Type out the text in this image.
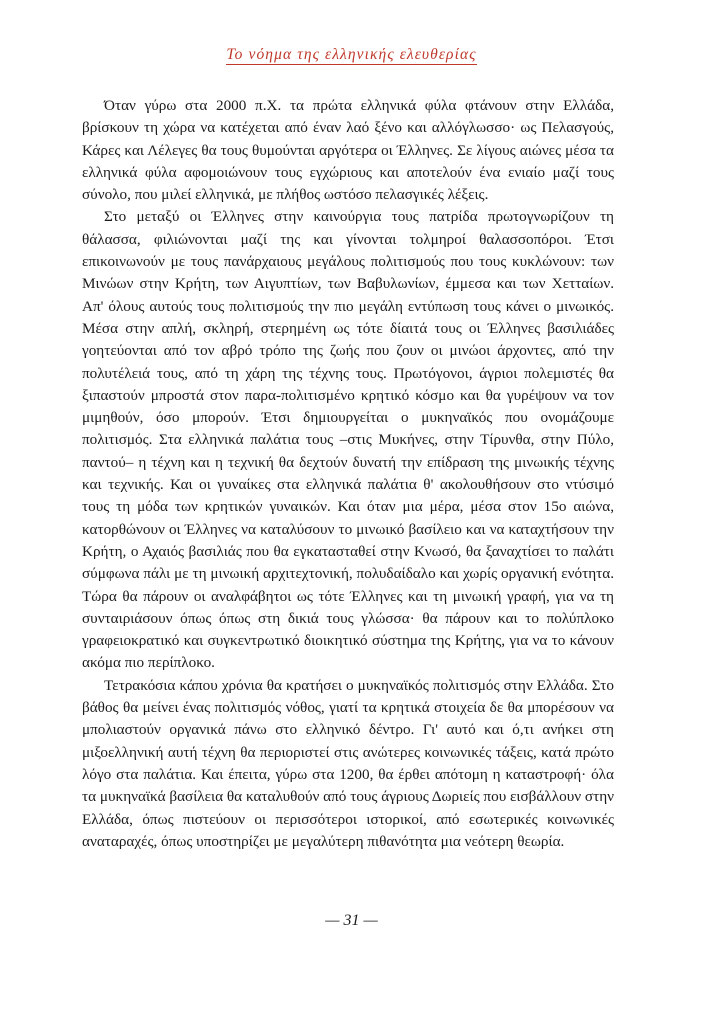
Το νόημα της ελληνικής ελευθερίας

Όταν γύρω στα 2000 π.Χ. τα πρώτα ελληνικά φύλα φτάνουν στην Ελλάδα, βρίσκουν τη χώρα να κατέχεται από έναν λαό ξένο και αλλόγλωσσο· ως Πελασγούς, Κάρες και Λέλεγες θα τους θυμούνται αργότερα οι Έλληνες. Σε λίγους αιώνες μέσα τα ελληνικά φύλα αφομοιώνουν τους εγχώριους και αποτελούν ένα ενιαίο μαζί τους σύνολο, που μιλεί ελληνικά, με πλήθος ωστόσο πελασγικές λέξεις.

Στο μεταξύ οι Έλληνες στην καινούργια τους πατρίδα πρωτογνωρίζουν τη θάλασσα, φιλιώνονται μαζί της και γίνονται τολμηροί θαλασσοπόροι. Έτσι επικοινωνούν με τους πανάρχαιους μεγάλους πολιτισμούς που τους κυκλώνουν: των Μινώων στην Κρήτη, των Αιγυπτίων, των Βαβυλωνίων, έμμεσα και των Χετταίων. Απ' όλους αυτούς τους πολιτισμούς την πιο μεγάλη εντύπωση τους κάνει ο μινωικός. Μέσα στην απλή, σκληρή, στερημένη ως τότε δίαιτά τους οι Έλληνες βασιλιάδες γοητεύονται από τον αβρό τρόπο της ζωής που ζουν οι μινώοι άρχοντες, από την πολυτέλειά τους, από τη χάρη της τέχνης τους. Πρωτόγονοι, άγριοι πολεμιστές θα ξιπαστούν μπροστά στον παρα-πολιτισμένο κρητικό κόσμο και θα γυρέψουν να τον μιμηθούν, όσο μπορούν. Έτσι δημιουργείται ο μυκηναϊκός που ονομάζουμε πολιτισμός. Στα ελληνικά παλάτια τους –στις Μυκήνες, στην Τίρυνθα, στην Πύλο, παντού– η τέχνη και η τεχνική θα δεχτούν δυνατή την επίδραση της μινωικής τέχνης και τεχνικής. Και οι γυναίκες στα ελληνικά παλάτια θ' ακολουθήσουν στο ντύσιμό τους τη μόδα των κρητικών γυναικών. Και όταν μια μέρα, μέσα στον 15ο αιώνα, κατορθώνουν οι Έλληνες να καταλύσουν το μινωικό βασίλειο και να καταχτήσουν την Κρήτη, ο Αχαιός βασιλιάς που θα εγκατασταθεί στην Κνωσό, θα ξαναχτίσει το παλάτι σύμφωνα πάλι με τη μινωική αρχιτεχτονική, πολυδαίδαλο και χωρίς οργανική ενότητα. Τώρα θα πάρουν οι αναλφάβητοι ως τότε Έλληνες και τη μινωική γραφή, για να τη συνταιριάσουν όπως όπως στη δικιά τους γλώσσα· θα πάρουν και το πολύπλοκο γραφειοκρατικό και συγκεντρωτικό διοικητικό σύστημα της Κρήτης, για να το κάνουν ακόμα πιο περίπλοκο.

Τετρακόσια κάπου χρόνια θα κρατήσει ο μυκηναϊκός πολιτισμός στην Ελλάδα. Στο βάθος θα μείνει ένας πολιτισμός νόθος, γιατί τα κρητικά στοιχεία δε θα μπορέσουν να μπολιαστούν οργανικά πάνω στο ελληνικό δέντρο. Γι' αυτό και ό,τι ανήκει στη μιξοελληνική αυτή τέχνη θα περιοριστεί στις ανώτερες κοινωνικές τάξεις, κατά πρώτο λόγο στα παλάτια. Και έπειτα, γύρω στα 1200, θα έρθει απότομη η καταστροφή· όλα τα μυκηναϊκά βασίλεια θα καταλυθούν από τους άγριους Δωριείς που εισβάλλουν στην Ελλάδα, όπως πιστεύουν οι περισσότεροι ιστορικοί, από εσωτερικές κοινωνικές αναταραχές, όπως υποστηρίζει με μεγαλύτερη πιθανότητα μια νεότερη θεωρία.

— 31 —
